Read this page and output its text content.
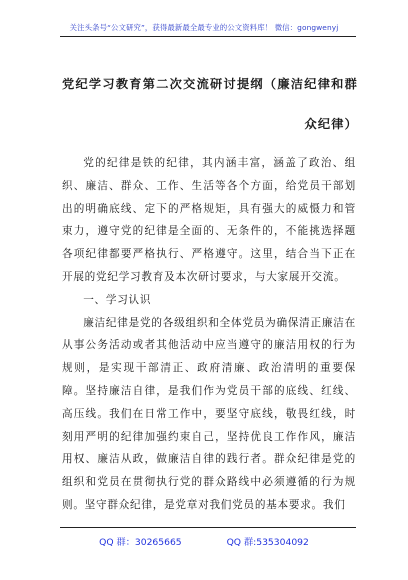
关注头条号“公文研究”，获得最新最全最专业的公文资料库！ 微信：gongwenyj
党纪学习教育第二次交流研讨提纲（廉洁纪律和群众纪律）

党的纪律是铁的纪律，其内涵丰富，涵盖了政治、组织、廉洁、群众、工作、生活等各个方面，给党员干部划出的明确底线、定下的严格规矩，具有强大的威慑力和管束力，遵守党的纪律是全面的、无条件的，不能挑选择题各项纪律都要严格执行、严格遵守。这里，结合当下正在开展的党纪学习教育及本次研讨要求，与大家展开交流。

一、学习认识

廉洁纪律是党的各级组织和全体党员为确保清正廉洁在从事公务活动或者其他活动中应当遵守的廉洁用权的行为规则，是实现干部清正、政府清廉、政治清明的重要保障。坚持廉洁自律，是我们作为党员干部的底线、红线、高压线。我们在日常工作中，要坚守底线，敬畏红线，时刻用严明的纪律加强约束自己，坚持优良工作作风，廉洁用权、廉洁从政，做廉洁自律的践行者。群众纪律是党的组织和党员在贯彻执行党的群众路线中必须遵循的行为规则。坚守群众纪律，是党章对我们党员的基本要求。我们

QQ 群：30265665	QQ 群:535304092
